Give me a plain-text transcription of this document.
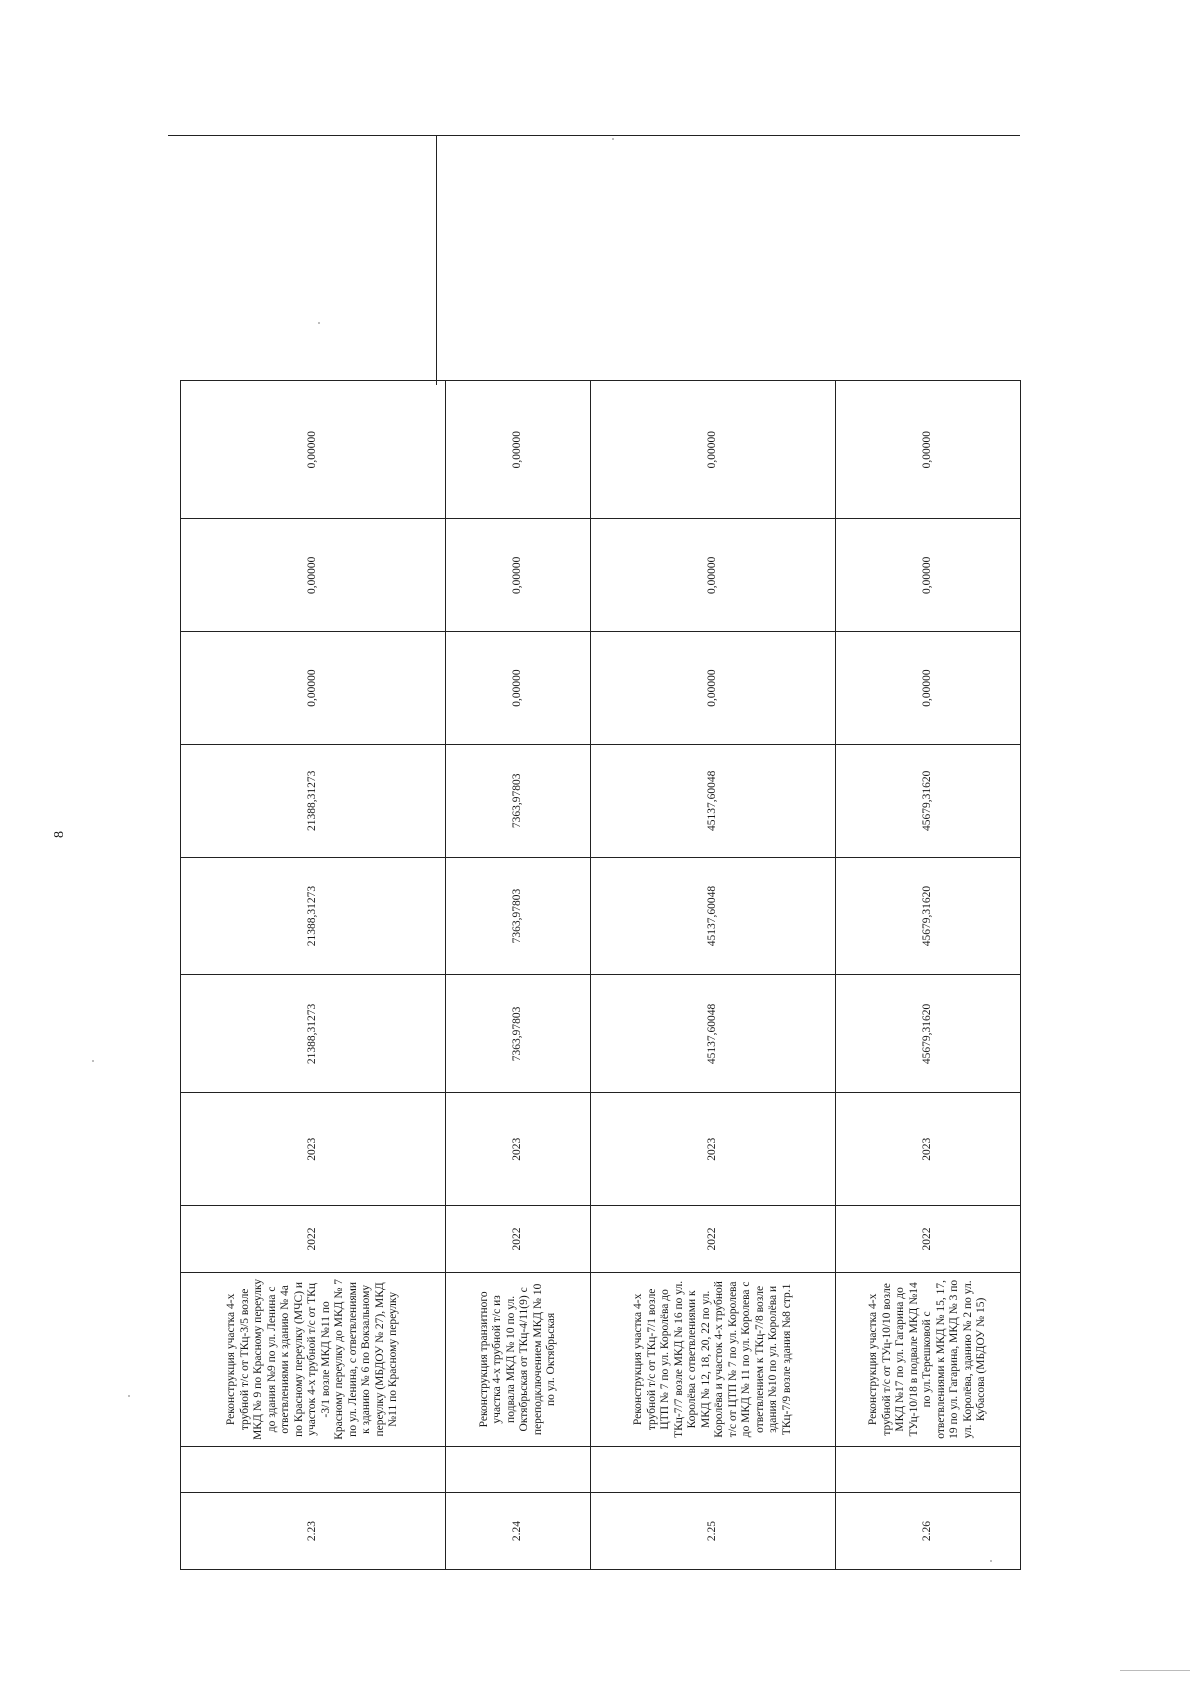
8
2.23		Реконструкция участка 4-х трубной т/с от ТКц-3/5 возле МКД № 9 по Красному переулку до здания №9 по ул. Ленина с ответвлениями к зданию № 4а по Красному переулку (МЧС) и участок 4-х трубной т/с от ТКц -3/1 возле МКД №11 по Красному переулку до МКД № 7 по ул. Ленина, с ответвлениями к зданию № 6 по Вокзальному переулку (МБДОУ № 27), МКД №11 по Красному переулку	2022	2023	21388,31273	21388,31273	21388,31273	0,00000	0,00000	0,00000
2.24		Реконструкция транзитного участка 4-х трубной т/с из подвала МКД № 10 по ул. Октябрьская от ТКц-4/11(9) с переподключением МКД № 10 по ул. Октябрьская	2022	2023	7363,97803	7363,97803	7363,97803	0,00000	0,00000	0,00000
2.25		Реконструкция участка 4-х трубной т/с от ТКц-7/1 возле ЦТП № 7 по ул. Королёва до ТКц-7/7 возле МКД № 16 по ул. Королёва с ответвлениями к МКД № 12, 18, 20, 22 по ул. Королёва и участок 4-х трубной т/с от ЦТП № 7 по ул. Королева до МКД № 11 по ул. Королева с ответвлением к ТКц-7/8 возле здания №10 по ул. Королёва и ТКц-7/9 возле здания №8 стр.1	2022	2023	45137,60048	45137,60048	45137,60048	0,00000	0,00000	0,00000
2.26		Реконструкция участка 4-х трубной т/с от ТУц-10/10 возле МКД №17 по ул. Гагарина до ТУц-10/18 в подвале МКД №14 по ул.Терешковой с ответвлениями к МКД № 15, 17, 19 по ул. Гагарина, МКД № 3 по ул. Королёва, зданию № 2 по ул. Кубасова (МБДОУ № 15)	2022	2023	45679,31620	45679,31620	45679,31620	0,00000	0,00000	0,00000
